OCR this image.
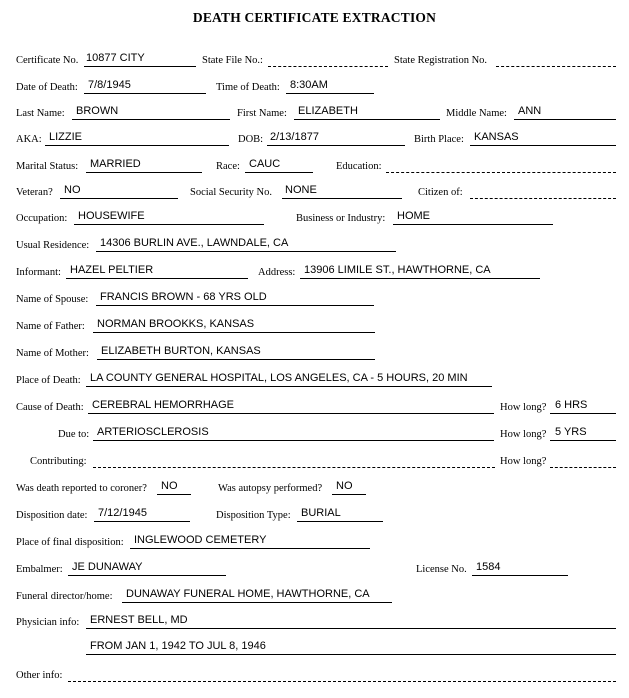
DEATH CERTIFICATE EXTRACTION
Certificate No. 10877 CITY	State File No.:	State Registration No.
Date of Death: 7/8/1945	Time of Death: 8:30AM
Last Name: BROWN	First Name: ELIZABETH	Middle Name: ANN
AKA: LIZZIE	DOB: 2/13/1877	Birth Place: KANSAS
Marital Status: MARRIED	Race: CAUC	Education:
Veteran? NO	Social Security No. NONE	Citizen of:
Occupation: HOUSEWIFE	Business or Industry: HOME
Usual Residence: 14306 BURLIN AVE., LAWNDALE, CA
Informant: HAZEL PELTIER	Address: 13906 LIMILE ST., HAWTHORNE, CA
Name of Spouse: FRANCIS BROWN - 68 YRS OLD
Name of Father: NORMAN BROOKKS, KANSAS
Name of Mother: ELIZABETH BURTON, KANSAS
Place of Death: LA COUNTY GENERAL HOSPITAL, LOS ANGELES, CA - 5 HOURS, 20 MIN
Cause of Death: CEREBRAL HEMORRHAGE	How long? 6 HRS
Due to: ARTERIOSCLEROSIS	How long? 5 YRS
Contributing:	How long?
Was death reported to coroner? NO	Was autopsy performed? NO
Disposition date: 7/12/1945	Disposition Type: BURIAL
Place of final disposition: INGLEWOOD CEMETERY
Embalmer: JE DUNAWAY	License No. 1584
Funeral director/home: DUNAWAY FUNERAL HOME, HAWTHORNE, CA
Physician info: ERNEST BELL, MD
FROM JAN 1, 1942 TO JUL 8, 1946
Other info:
